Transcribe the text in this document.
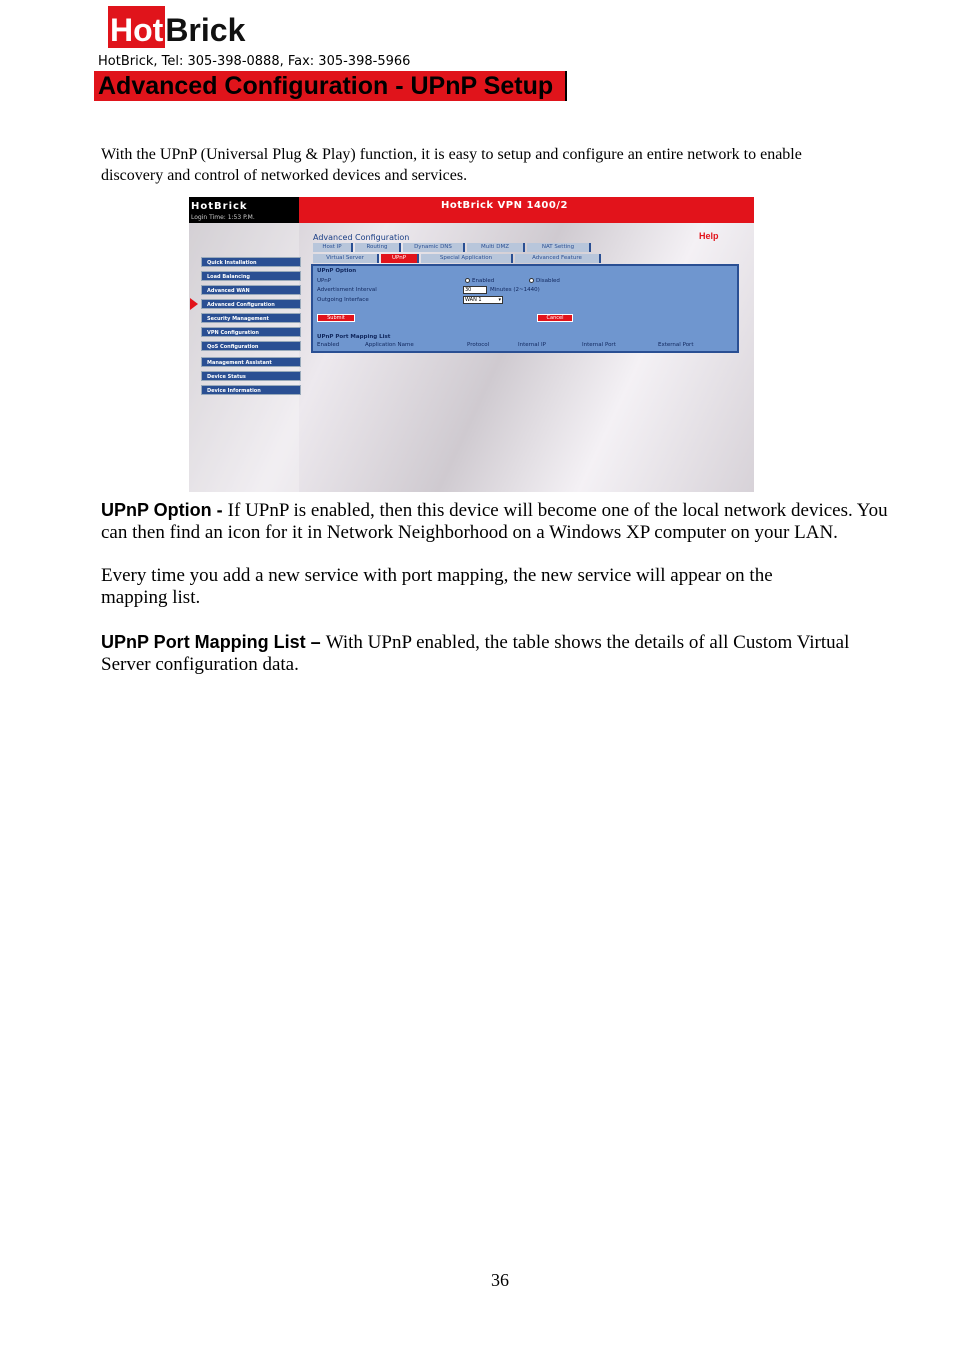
Hot Brick
HotBrick, Tel: 305-398-0888, Fax: 305-398-5966
Advanced Configuration - UPnP Setup
With the UPnP (Universal Plug & Play) function, it is easy to setup and configure an entire network to enable discovery and control of networked devices and services.
HotBrick
Login Time: 1:53 P.M.
HotBrick VPN 1400/2
Quick Installation
Load Balancing
Advanced WAN
Advanced Configuration
Security Management
VPN Configuration
QoS Configuration
Management Assistant
Device Status
Device Information
Advanced Configuration	Help
Host IP	Routing	Dynamic DNS	Multi DMZ	NAT Setting
Virtual Server	UPnP	Special Application	Advanced Feature
UPnP Option
UPnP	Enabled	Disabled
Advertisment Interval	30	Minutes (2~1440)
Outgoing Interface	WAN 1	▾
Submit	Cancel
UPnP Port Mapping List
Enabled	Application Name	Protocol	Internal IP	Internal Port	External Port
UPnP Option - If UPnP is enabled, then this device will become one of the local network devices. You can then find an icon for it in Network Neighborhood on a Windows XP computer on your LAN.
Every time you add a new service with port mapping, the new service will appear on the mapping list.
UPnP Port Mapping List – With UPnP enabled, the table shows the details of all Custom Virtual Server configuration data.
36
